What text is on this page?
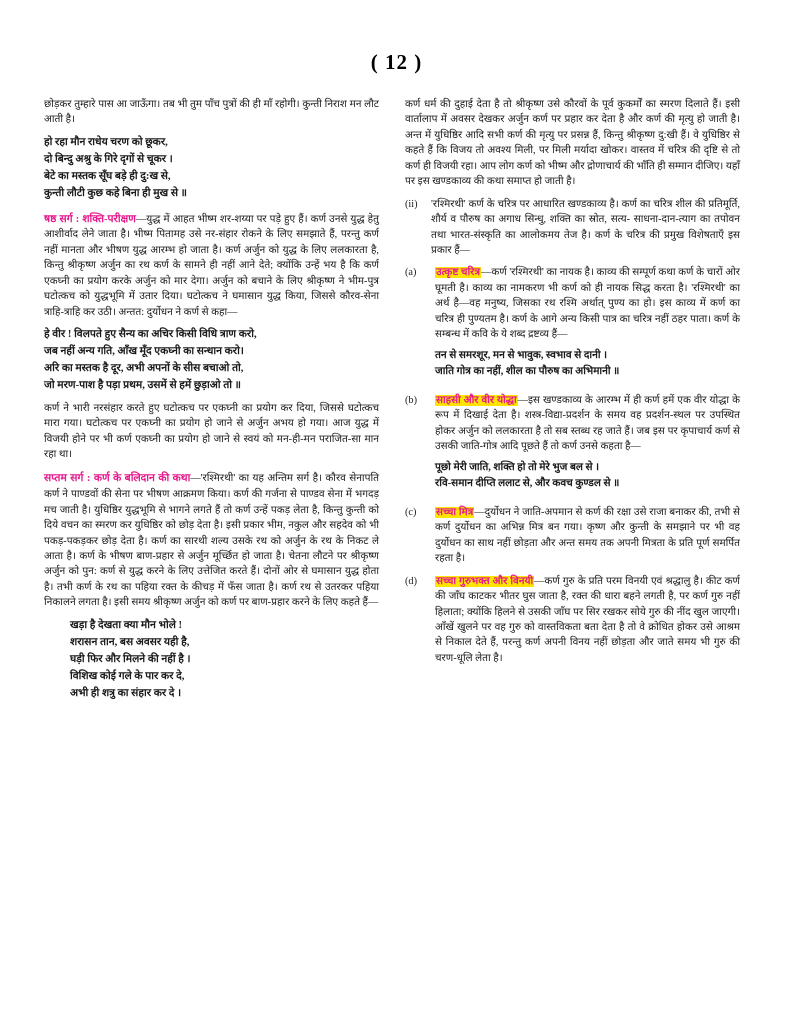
( 12 )

छोड़कर तुम्हारे पास आ जाऊँगा। तब भी तुम पाँच पुत्रों की ही माँ रहोगी। कुन्ती निराश मन लौट आती है।

हो रहा मौन राधेय चरण को छूकर,
दो बिन्दु अश्रु के गिरे दृगों से चूकर ।
बेटे का मस्तक सूँघ बड़े ही दु:ख से,
कुन्ती लौटी कुछ कहे बिना ही मुख से ॥
षष्ठ सर्ग : शक्ति-परीक्षण—युद्ध में आहत भीष्म शर-शय्या पर पड़े हुए हैं। कर्ण उनसे युद्ध हेतु आशीर्वाद लेने जाता है। भीष्म पितामह उसे नर-संहार रोकने के लिए समझाते हैं, परन्तु कर्ण नहीं मानता और भीषण युद्ध आरम्भ हो जाता है। कर्ण अर्जुन को युद्ध के लिए ललकारता है, किन्तु श्रीकृष्ण अर्जुन का रथ कर्ण के सामने ही नहीं आने देते; क्योंकि उन्हें भय है कि कर्ण एकघ्नी का प्रयोग करके अर्जुन को मार देगा। अर्जुन को बचाने के लिए श्रीकृष्ण ने भीम-पुत्र घटोत्कच को युद्धभूमि में उतार दिया। घटोत्कच ने घमासान युद्ध किया, जिससे कौरव-सेना त्राहि-त्राहि कर उठी। अन्तत: दुर्योधन ने कर्ण से कहा—
हे वीर ! विलपते हुए सैन्य का अचिर किसी विधि त्राण करो,
जब नहीं अन्य गति, आँख मूँद एकघ्नी का सन्धान करो।
अरि का मस्तक है दूर, अभी अपनों के सीस बचाओ तो,
जो मरण-पाश है पड़ा प्रथम, उसमें से हमें छुड़ाओ तो ॥

कर्ण ने भारी नरसंहार करते हुए घटोत्कच पर एकघ्नी का प्रयोग कर दिया, जिससे घटोत्कच मारा गया। घटोत्कच पर एकघ्नी का प्रयोग हो जाने से अर्जुन अभय हो गया। आज युद्ध में विजयी होने पर भी कर्ण एकघ्नी का प्रयोग हो जाने से स्वयं को मन-ही-मन पराजित-सा मान रहा था।

सप्तम सर्ग : कर्ण के बलिदान की कथा—'रश्मिरथी' का यह अन्तिम सर्ग है। कौरव सेनापति कर्ण ने पाण्डवों की सेना पर भीषण आक्रमण किया। कर्ण की गर्जना से पाण्डव सेना में भगदड़ मच जाती है। युधिष्ठिर युद्धभूमि से भागने लगते हैं तो कर्ण उन्हें पकड़ लेता है, किन्तु कुन्ती को दिये वचन का स्मरण कर युधिष्ठिर को छोड़ देता है। इसी प्रकार भीम, नकुल और सहदेव को भी पकड़-पकड़कर छोड़ देता है। कर्ण का सारथी शल्य उसके रथ को अर्जुन के रथ के निकट ले आता है। कर्ण के भीषण बाण-प्रहार से अर्जुन मूर्च्छित हो जाता है। चेतना लौटने पर श्रीकृष्ण अर्जुन को पुन: कर्ण से युद्ध करने के लिए उत्तेजित करते हैं। दोनों ओर से घमासान युद्ध होता है। तभी कर्ण के रथ का पहिया रक्त के कीचड़ में फँस जाता है। कर्ण रथ से उतरकर पहिया निकालने लगता है। इसी समय श्रीकृष्ण अर्जुन को कर्ण पर बाण-प्रहार करने के लिए कहते हैं—
खड़ा है देखता क्या मौन भोले !
शरासन तान, बस अवसर यही है,
घड़ी फिर और मिलने की नहीं है ।
विशिख कोई गले के पार कर दे,
अभी ही शत्रु का संहार कर दे ।

कर्ण धर्म की दुहाई देता है तो श्रीकृष्ण उसे कौरवों के पूर्व कुकर्मों का स्मरण दिलाते हैं। इसी वार्तालाप में अवसर देखकर अर्जुन कर्ण पर प्रहार कर देता है और कर्ण की मृत्यु हो जाती है। अन्त में युधिष्ठिर आदि सभी कर्ण की मृत्यु पर प्रसन्न हैं, किन्तु श्रीकृष्ण दु:खी हैं। वे युधिष्ठिर से कहते हैं कि विजय तो अवश्य मिली, पर मिली मर्यादा खोकर। वास्तव में चरित्र की दृष्टि से तो कर्ण ही विजयी रहा। आप लोग कर्ण को भीष्म और द्रोणाचार्य की भाँति ही सम्मान दीजिए। यहाँ पर इस खण्डकाव्य की कथा समाप्त हो जाती है।

(ii)	'रश्मिरथी' कर्ण के चरित्र पर आधारित खण्डकाव्य है। कर्ण का चरित्र शील की प्रतिमूर्ति, शौर्य व पौरुष का अगाध सिन्धु, शक्ति का स्रोत, सत्य- साधना-दान-त्याग का तपोवन तथा भारत-संस्कृति का आलोकमय तेज है। कर्ण के चरित्र की प्रमुख विशेषताएँ इस प्रकार हैं—
(a)	उत्कृष्ट चरित्र—कर्ण 'रश्मिरथी' का नायक है। काव्य की सम्पूर्ण कथा कर्ण के चारों ओर घूमती है। काव्य का नामकरण भी कर्ण को ही नायक सिद्ध करता है। 'रश्मिरथी' का अर्थ है—वह मनुष्य, जिसका रथ रश्मि अर्थात् पुण्य का हो। इस काव्य में कर्ण का चरित्र ही पुण्यतम है। कर्ण के आगे अन्य किसी पात्र का चरित्र नहीं ठहर पाता। कर्ण के सम्बन्ध में कवि के ये शब्द द्रष्टव्य हैं—
तन से समरशूर, मन से भावुक, स्वभाव से दानी ।
जाति गोत्र का नहीं, शील का पौरुष का अभिमानी ॥
(b)	साहसी और वीर योद्धा—इस खण्डकाव्य के आरम्भ में ही कर्ण हमें एक वीर योद्धा के रूप में दिखाई देता है। शस्त्र-विद्या-प्रदर्शन के समय वह प्रदर्शन-स्थल पर उपस्थित होकर अर्जुन को ललकारता है तो सब स्तब्ध रह जाते हैं। जब इस पर कृपाचार्य कर्ण से उसकी जाति-गोत्र आदि पूछते हैं तो कर्ण उनसे कहता है—
पूछो मेरी जाति, शक्ति हो तो मेरे भुज बल से ।
रवि-समान दीप्ति ललाट से, और कवच कुण्डल से ॥
(c)	सच्चा मित्र—दुर्योधन ने जाति-अपमान से कर्ण की रक्षा उसे राजा बनाकर की, तभी से कर्ण दुर्योधन का अभिन्न मित्र बन गया। कृष्ण और कुन्ती के समझाने पर भी वह दुर्योधन का साथ नहीं छोड़ता और अन्त समय तक अपनी मित्रता के प्रति पूर्ण समर्पित रहता है।
(d)	सच्चा गुरुभक्त और विनयी—कर्ण गुरु के प्रति परम विनयी एवं श्रद्धालु है। कीट कर्ण की जाँघ काटकर भीतर घुस जाता है, रक्त की धारा बहने लगती है, पर कर्ण गुरु नहीं हिलाता; क्योंकि हिलने से उसकी जाँघ पर सिर रखकर सोये गुरु की नींद खुल जाएगी। आँखें खुलने पर वह गुरु को वास्तविकता बता देता है तो वे क्रोधित होकर उसे आश्रम से निकाल देते हैं, परन्तु कर्ण अपनी विनय नहीं छोड़ता और जाते समय भी गुरु की चरण-धूलि लेता है।
